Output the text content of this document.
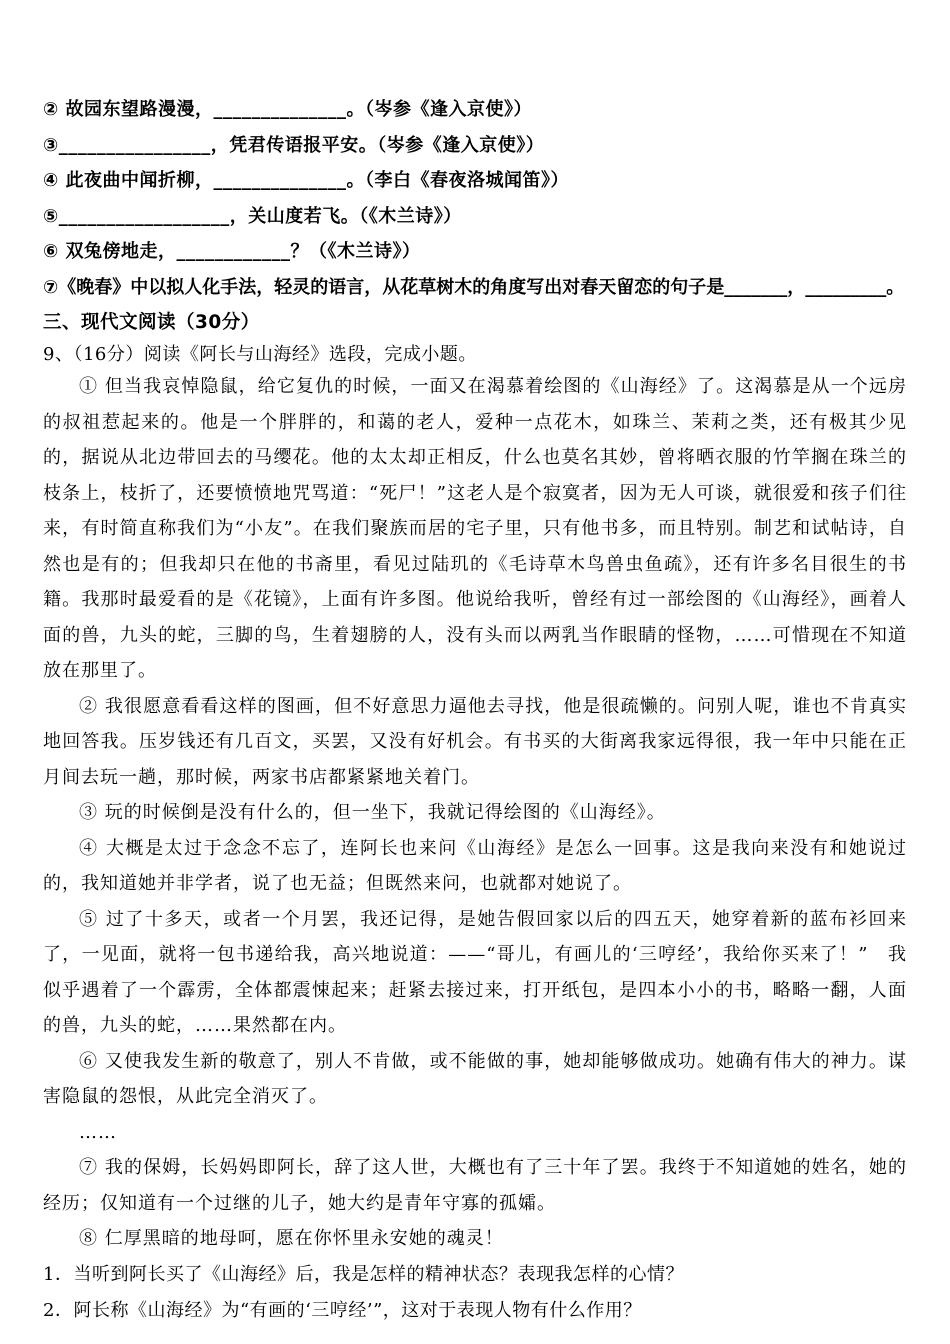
② 故园东望路漫漫，______________。（岑参《逢入京使》）
③________________，凭君传语报平安。（岑参《逢入京使》）
④ 此夜曲中闻折柳，______________。（李白《春夜洛城闻笛》）
⑤__________________，关山度若飞。（《木兰诗》）
⑥ 双兔傍地走，____________？（《木兰诗》）
⑦《晚春》中以拟人化手法，轻灵的语言，从花草树木的角度写出对春天留恋的句子是_______，_________。
三、现代文阅读（30分）
9、（16分）阅读《阿长与山海经》选段，完成小题。

① 但当我哀悼隐鼠，给它复仇的时候，一面又在渴慕着绘图的《山海经》了。这渴慕是从一个远房的叔祖惹起来的。他是一个胖胖的，和蔼的老人，爱种一点花木，如珠兰、茉莉之类，还有极其少见的，据说从北边带回去的马缨花。他的太太却正相反，什么也莫名其妙，曾将晒衣服的竹竿搁在珠兰的枝条上，枝折了，还要愤愤地咒骂道：“死尸！”这老人是个寂寞者，因为无人可谈，就很爱和孩子们往来，有时简直称我们为“小友”。在我们聚族而居的宅子里，只有他书多，而且特别。制艺和试帖诗，自然也是有的；但我却只在他的书斋里，看见过陆玑的《毛诗草木鸟兽虫鱼疏》，还有许多名目很生的书籍。我那时最爱看的是《花镜》，上面有许多图。他说给我听，曾经有过一部绘图的《山海经》，画着人面的兽，九头的蛇，三脚的鸟，生着翅膀的人，没有头而以两乳当作眼睛的怪物，……可惜现在不知道放在那里了。

② 我很愿意看看这样的图画，但不好意思力逼他去寻找，他是很疏懒的。问别人呢，谁也不肯真实地回答我。压岁钱还有几百文，买罢，又没有好机会。有书买的大街离我家远得很，我一年中只能在正月间去玩一趟，那时候，两家书店都紧紧地关着门。

③ 玩的时候倒是没有什么的，但一坐下，我就记得绘图的《山海经》。

④ 大概是太过于念念不忘了，连阿长也来问《山海经》是怎么一回事。这是我向来没有和她说过的，我知道她并非学者，说了也无益；但既然来问，也就都对她说了。

⑤ 过了十多天，或者一个月罢，我还记得，是她告假回家以后的四五天，她穿着新的蓝布衫回来了，一见面，就将一包书递给我，高兴地说道：——“哥儿，有画儿的‘三哼经’，我给你买来了！”　我似乎遇着了一个霹雳，全体都震悚起来；赶紧去接过来，打开纸包，是四本小小的书，略略一翻，人面的兽，九头的蛇，……果然都在内。

⑥ 又使我发生新的敬意了，别人不肯做，或不能做的事，她却能够做成功。她确有伟大的神力。谋害隐鼠的怨恨，从此完全消灭了。

……

⑦ 我的保姆，长妈妈即阿长，辞了这人世，大概也有了三十年了罢。我终于不知道她的姓名，她的经历；仅知道有一个过继的儿子，她大约是青年守寡的孤孀。

⑧ 仁厚黑暗的地母呵，愿在你怀里永安她的魂灵！

1．当听到阿长买了《山海经》后，我是怎样的精神状态？表现我怎样的心情？

2．阿长称《山海经》为“有画的‘三哼经’”，这对于表现人物有什么作用？
